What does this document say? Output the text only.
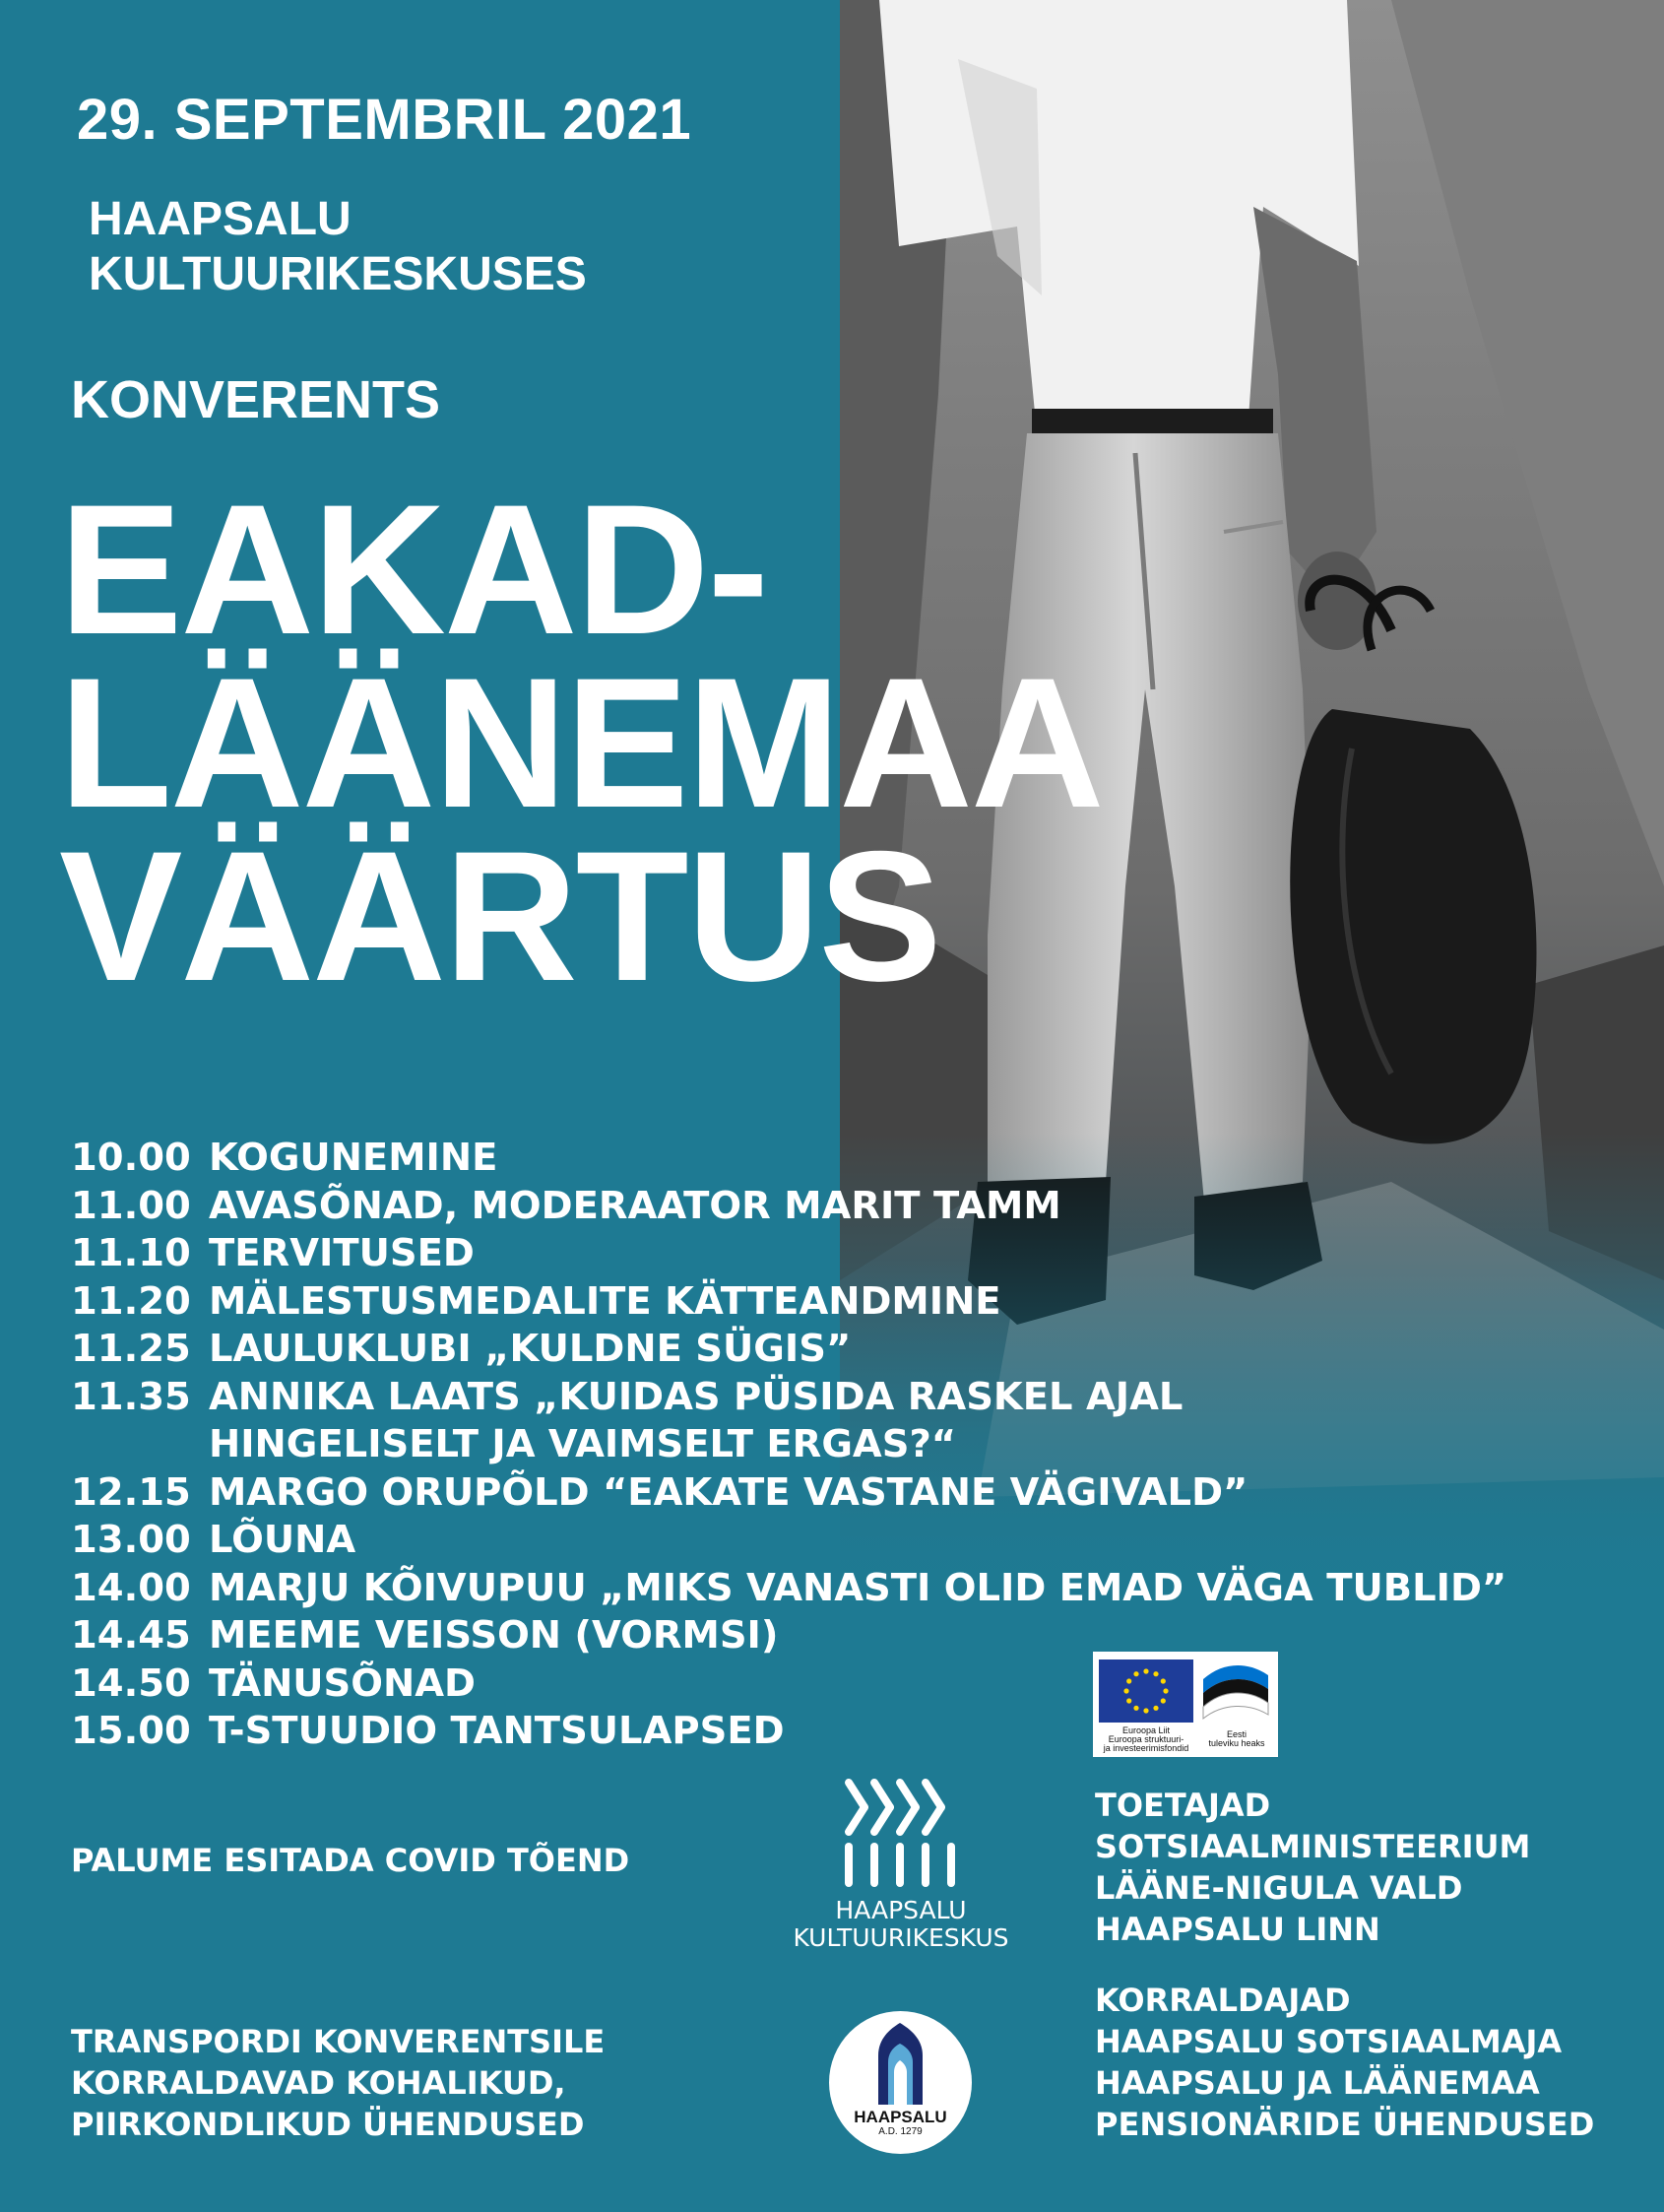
29. SEPTEMBRIL 2021
HAAPSALU
KULTUURIKESKUSES
KONVERENTS
EAKAD-
LÄÄNEMAA
VÄÄRTUS
10.00 KOGUNEMINE
11.00 AVASÕNAD, MODERAATOR MARIT TAMM
11.10 TERVITUSED
11.20 MÄLESTUSMEDALITE KÄTTEANDMINE
11.25 LAULUKLUBI „KULDNE SÜGIS”
11.35 ANNIKA LAATS „KUIDAS PÜSIDA RASKEL AJAL
HINGELISELT JA VAIMSELT ERGAS?“
12.15 MARGO ORUPÕLD “EAKATE VASTANE VÄGIVALD”
13.00 LÕUNA
14.00 MARJU KÕIVUPUU „MIKS VANASTI OLID EMAD VÄGA TUBLID”
14.45 MEEME VEISSON (VORMSI)
14.50 TÄNUSÕNAD
15.00 T-STUUDIO TANTSULAPSED	Euroopa Liit
Euroopa struktuuri-
ja investeerimisfondid
Eesti
tuleviku heaks
HAAPSALU
KULTUURIKESKUS
HAAPSALU
A.D. 1279
PALUME ESITADA COVID TÕEND
TRANSPORDI KONVERENTSILE
KORRALDAVAD KOHALIKUD,
PIIRKONDLIKUD ÜHENDUSED
TOETAJAD
SOTSIAALMINISTEERIUM
LÄÄNE-NIGULA VALD
HAAPSALU LINN
KORRALDAJAD
HAAPSALU SOTSIAALMAJA
HAAPSALU JA LÄÄNEMAA
PENSIONÄRIDE ÜHENDUSED
